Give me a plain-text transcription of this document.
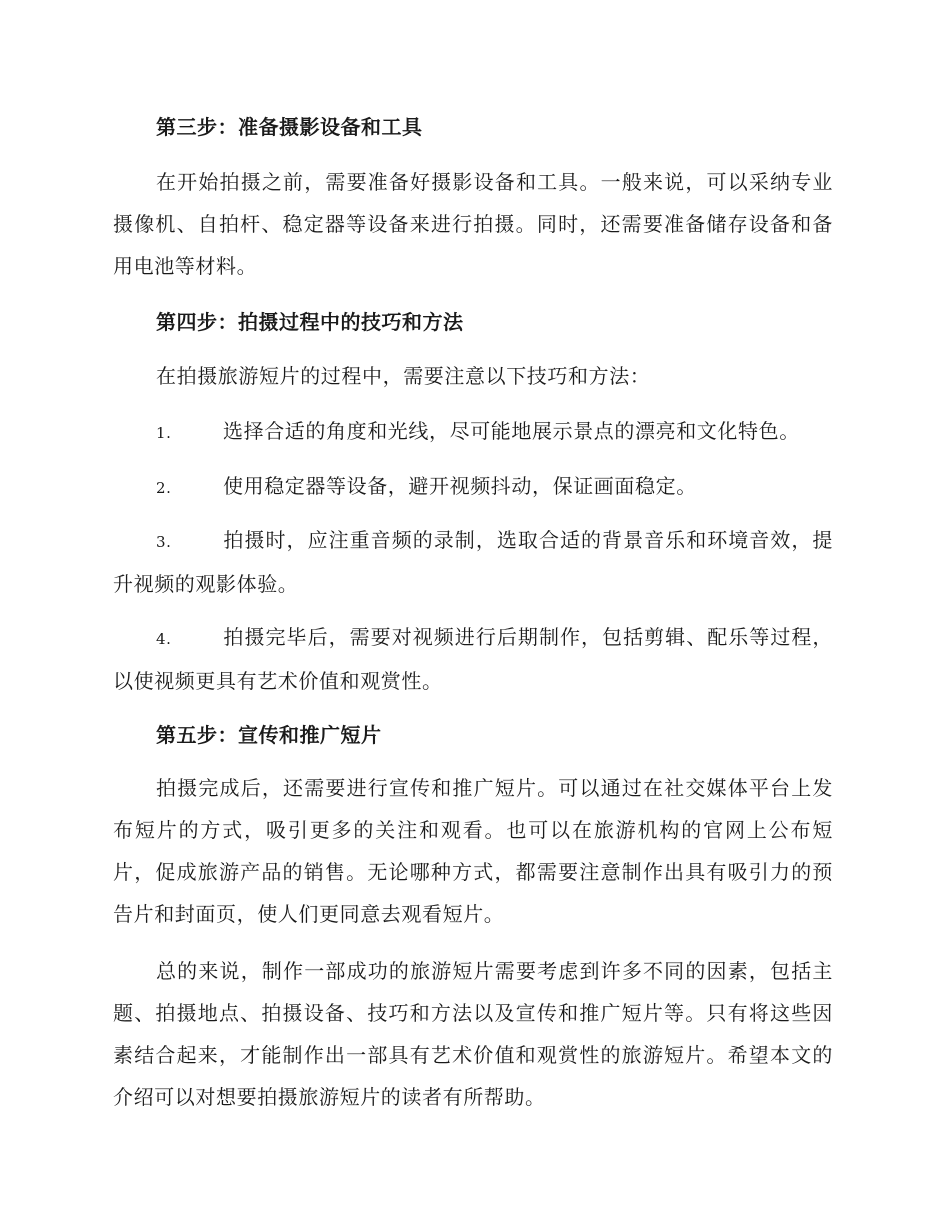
第三步：准备摄影设备和工具

在开始拍摄之前，需要准备好摄影设备和工具。一般来说，可以采纳专业摄像机、自拍杆、稳定器等设备来进行拍摄。同时，还需要准备储存设备和备用电池等材料。

第四步：拍摄过程中的技巧和方法

在拍摄旅游短片的过程中，需要注意以下技巧和方法：

1.	选择合适的角度和光线，尽可能地展示景点的漂亮和文化特色。

2.	使用稳定器等设备，避开视频抖动，保证画面稳定。

3.	拍摄时，应注重音频的录制，选取合适的背景音乐和环境音效，提升视频的观影体验。

4.	拍摄完毕后，需要对视频进行后期制作，包括剪辑、配乐等过程，以使视频更具有艺术价值和观赏性。

第五步：宣传和推广短片

拍摄完成后，还需要进行宣传和推广短片。可以通过在社交媒体平台上发布短片的方式，吸引更多的关注和观看。也可以在旅游机构的官网上公布短片，促成旅游产品的销售。无论哪种方式，都需要注意制作出具有吸引力的预告片和封面页，使人们更同意去观看短片。

总的来说，制作一部成功的旅游短片需要考虑到许多不同的因素，包括主题、拍摄地点、拍摄设备、技巧和方法以及宣传和推广短片等。只有将这些因素结合起来，才能制作出一部具有艺术价值和观赏性的旅游短片。希望本文的介绍可以对想要拍摄旅游短片的读者有所帮助。
